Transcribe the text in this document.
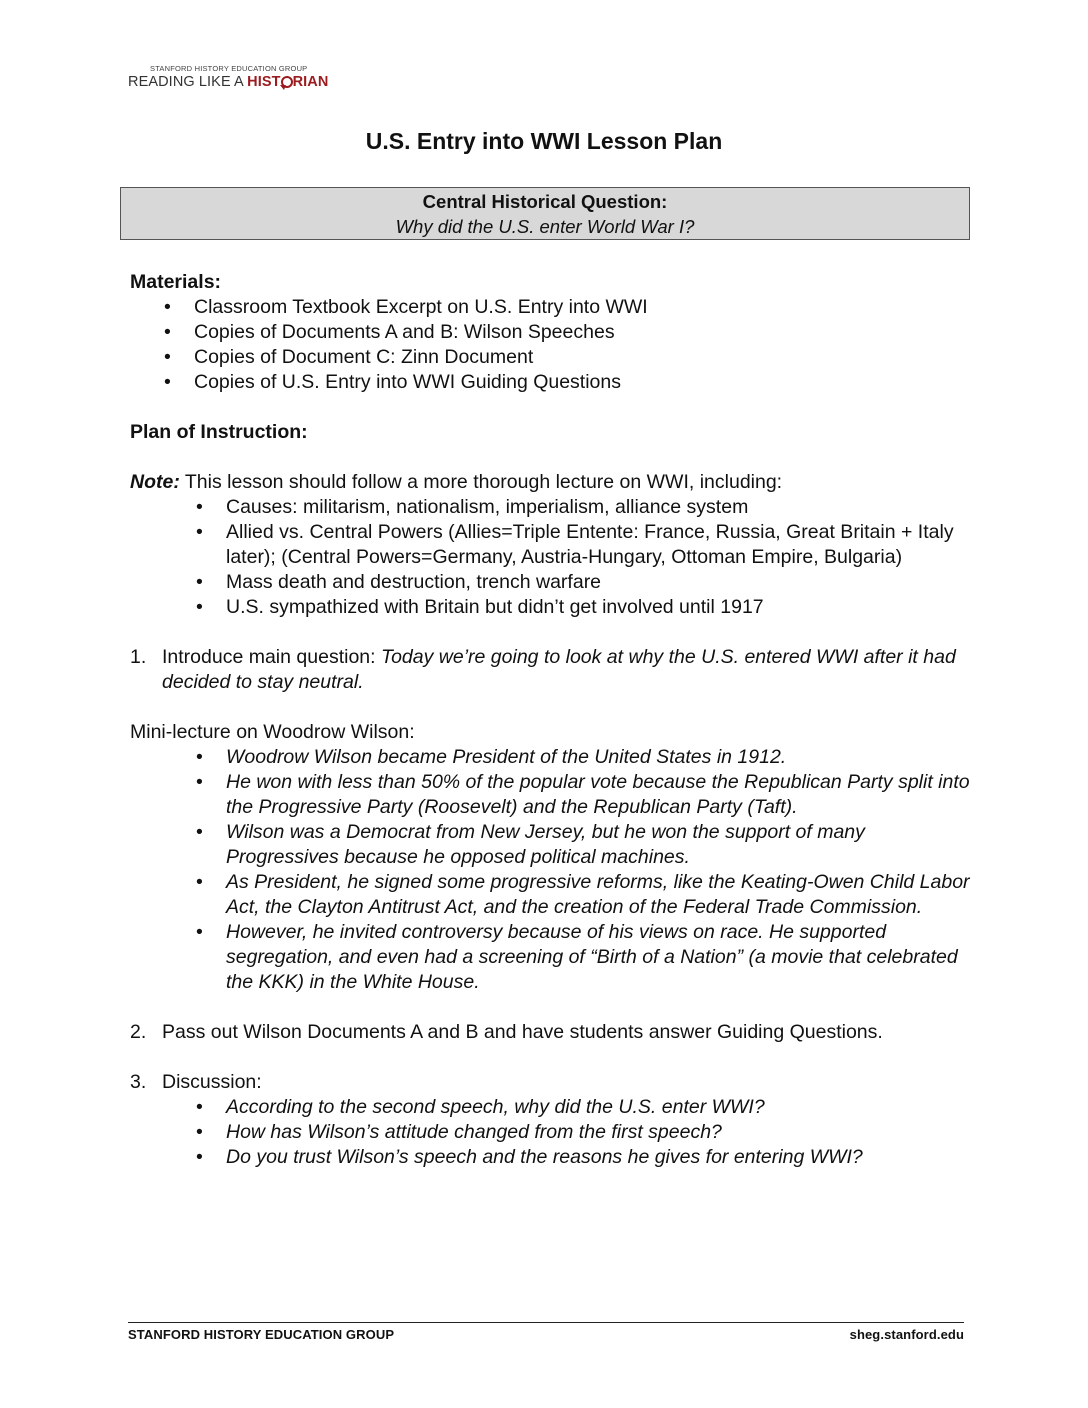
STANFORD HISTORY EDUCATION GROUP
READING LIKE A HIST RIAN
U.S. Entry into WWI Lesson Plan
Central Historical Question:
Why did the U.S. enter World War I?

Materials:

• Classroom Textbook Excerpt on U.S. Entry into WWI
• Copies of Documents A and B: Wilson Speeches
• Copies of Document C: Zinn Document
• Copies of U.S. Entry into WWI Guiding Questions

Plan of Instruction:

Note: This lesson should follow a more thorough lecture on WWI, including:

• Causes: militarism, nationalism, imperialism, alliance system
• Allied vs. Central Powers (Allies=Triple Entente: France, Russia, Great Britain + Italy later); (Central Powers=Germany, Austria-Hungary, Ottoman Empire, Bulgaria)
• Mass death and destruction, trench warfare
• U.S. sympathized with Britain but didn’t get involved until 1917
1. Introduce main question: Today we’re going to look at why the U.S. entered WWI after it had decided to stay neutral.

Mini-lecture on Woodrow Wilson:

• Woodrow Wilson became President of the United States in 1912.
• He won with less than 50% of the popular vote because the Republican Party split into the Progressive Party (Roosevelt) and the Republican Party (Taft).
• Wilson was a Democrat from New Jersey, but he won the support of many Progressives because he opposed political machines.
• As President, he signed some progressive reforms, like the Keating-Owen Child Labor Act, the Clayton Antitrust Act, and the creation of the Federal Trade Commission.
• However, he invited controversy because of his views on race. He supported segregation, and even had a screening of “Birth of a Nation” (a movie that celebrated the KKK) in the White House.
2. Pass out Wilson Documents A and B and have students answer Guiding Questions.
3. Discussion:
• According to the second speech, why did the U.S. enter WWI?
• How has Wilson’s attitude changed from the first speech?
• Do you trust Wilson’s speech and the reasons he gives for entering WWI?
STANFORD HISTORY EDUCATION GROUP	sheg.stanford.edu
